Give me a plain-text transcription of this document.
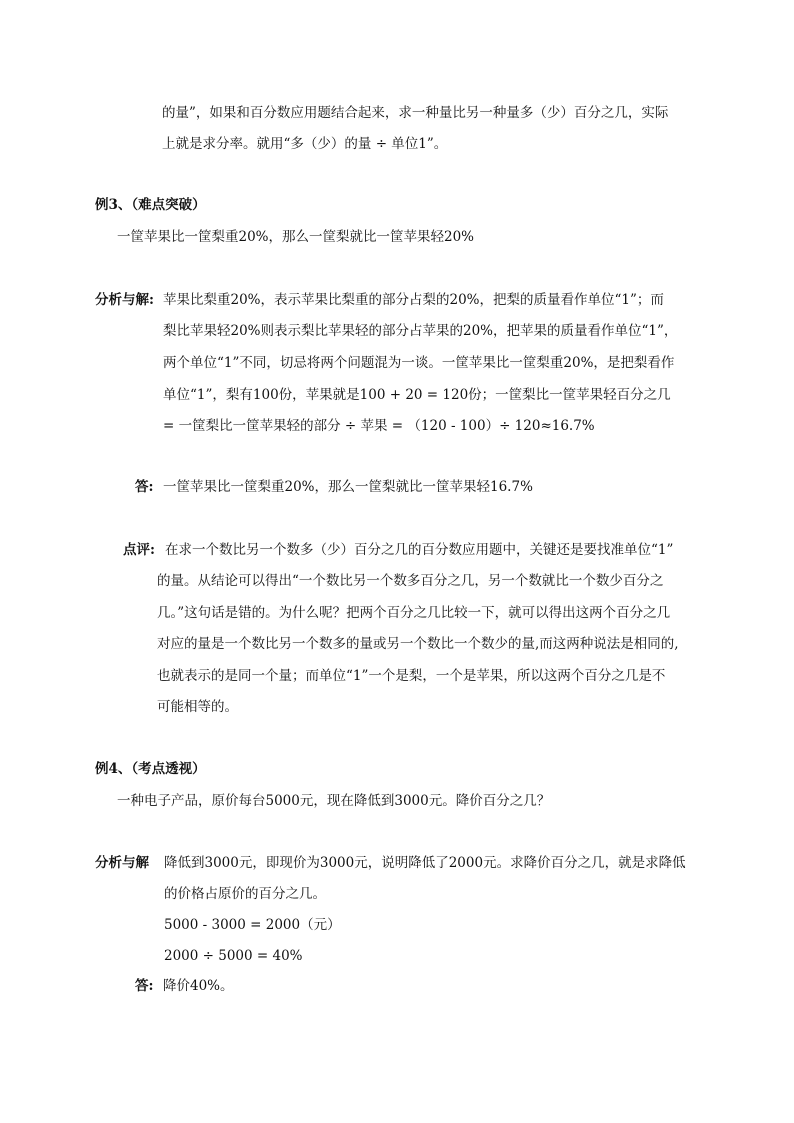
的量”，如果和百分数应用题结合起来，求一种量比另一种量多（少）百分之几，实际
上就是求分率。就用“多（少）的量 ÷ 单位1”。
例3、（难点突破）
一筐苹果比一筐梨重20%，那么一筐梨就比一筐苹果轻20%
分析与解: 苹果比梨重20%，表示苹果比梨重的部分占梨的20%，把梨的质量看作单位“1”；而
梨比苹果轻20%则表示梨比苹果轻的部分占苹果的20%，把苹果的质量看作单位“1”，
两个单位“1”不同，切忌将两个问题混为一谈。一筐苹果比一筐梨重20%，是把梨看作
单位“1”，梨有100份，苹果就是100 + 20 = 120份；一筐梨比一筐苹果轻百分之几
= 一筐梨比一筐苹果轻的部分 ÷ 苹果 = （120 - 100）÷ 120≈16.7%
答: 一筐苹果比一筐梨重20%，那么一筐梨就比一筐苹果轻16.7%
点评: 在求一个数比另一个数多（少）百分之几的百分数应用题中，关键还是要找准单位“1”
的量。从结论可以得出“一个数比另一个数多百分之几，另一个数就比一个数少百分之
几。”这句话是错的。为什么呢？把两个百分之几比较一下，就可以得出这两个百分之几
对应的量是一个数比另一个数多的量或另一个数比一个数少的量,而这两种说法是相同的,
也就表示的是同一个量；而单位“1”一个是梨，一个是苹果，所以这两个百分之几是不
可能相等的。
例4、（考点透视）
一种电子产品，原价每台5000元，现在降低到3000元。降价百分之几？
分析与解 降低到3000元，即现价为3000元，说明降低了2000元。求降价百分之几，就是求降低
的价格占原价的百分之几。
5000 - 3000 = 2000（元）
2000 ÷ 5000 = 40%
答: 降价40%。
